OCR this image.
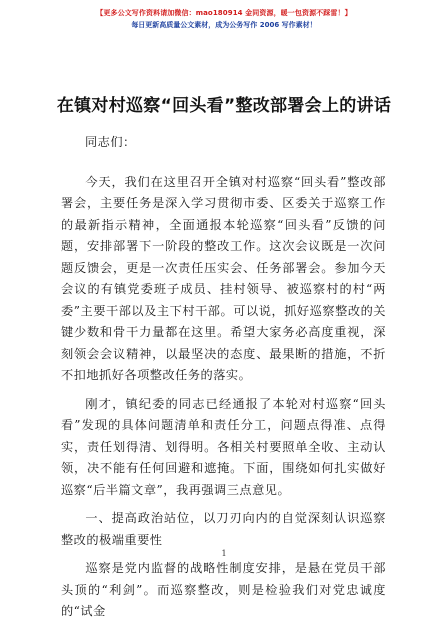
【更多公文写作资料请加微信：mao180914 金同资源，暖一包资源不踩雷！】
每日更新高质量公文素材，成为公务写作 2006 写作素材！
在镇对村巡察“回头看”整改部署会上的讲话

同志们：

今天，我们在这里召开全镇对村巡察“回头看”整改部署会，主要任务是深入学习贯彻市委、区委关于巡察工作的最新指示精神，全面通报本轮巡察“回头看”反馈的问题，安排部署下一阶段的整改工作。这次会议既是一次问题反馈会，更是一次责任压实会、任务部署会。参加今天会议的有镇党委班子成员、挂村领导、被巡察村的村“两委”主要干部以及主下村干部。可以说，抓好巡察整改的关键少数和骨干力量都在这里。希望大家务必高度重视，深刻领会会议精神，以最坚决的态度、最果断的措施，不折不扣地抓好各项整改任务的落实。

刚才，镇纪委的同志已经通报了本轮对村巡察“回头看”发现的具体问题清单和责任分工，问题点得准、点得实，责任划得清、划得明。各相关村要照单全收、主动认领，决不能有任何回避和遮掩。下面，围绕如何扎实做好巡察“后半篇文章”，我再强调三点意见。

一、提高政治站位，以刀刃向内的自觉深刻认识巡察整改的极端重要性

巡察是党内监督的战略性制度安排，是悬在党员干部头顶的“利剑”。而巡察整改，则是检验我们对党忠诚度的“试金

1
